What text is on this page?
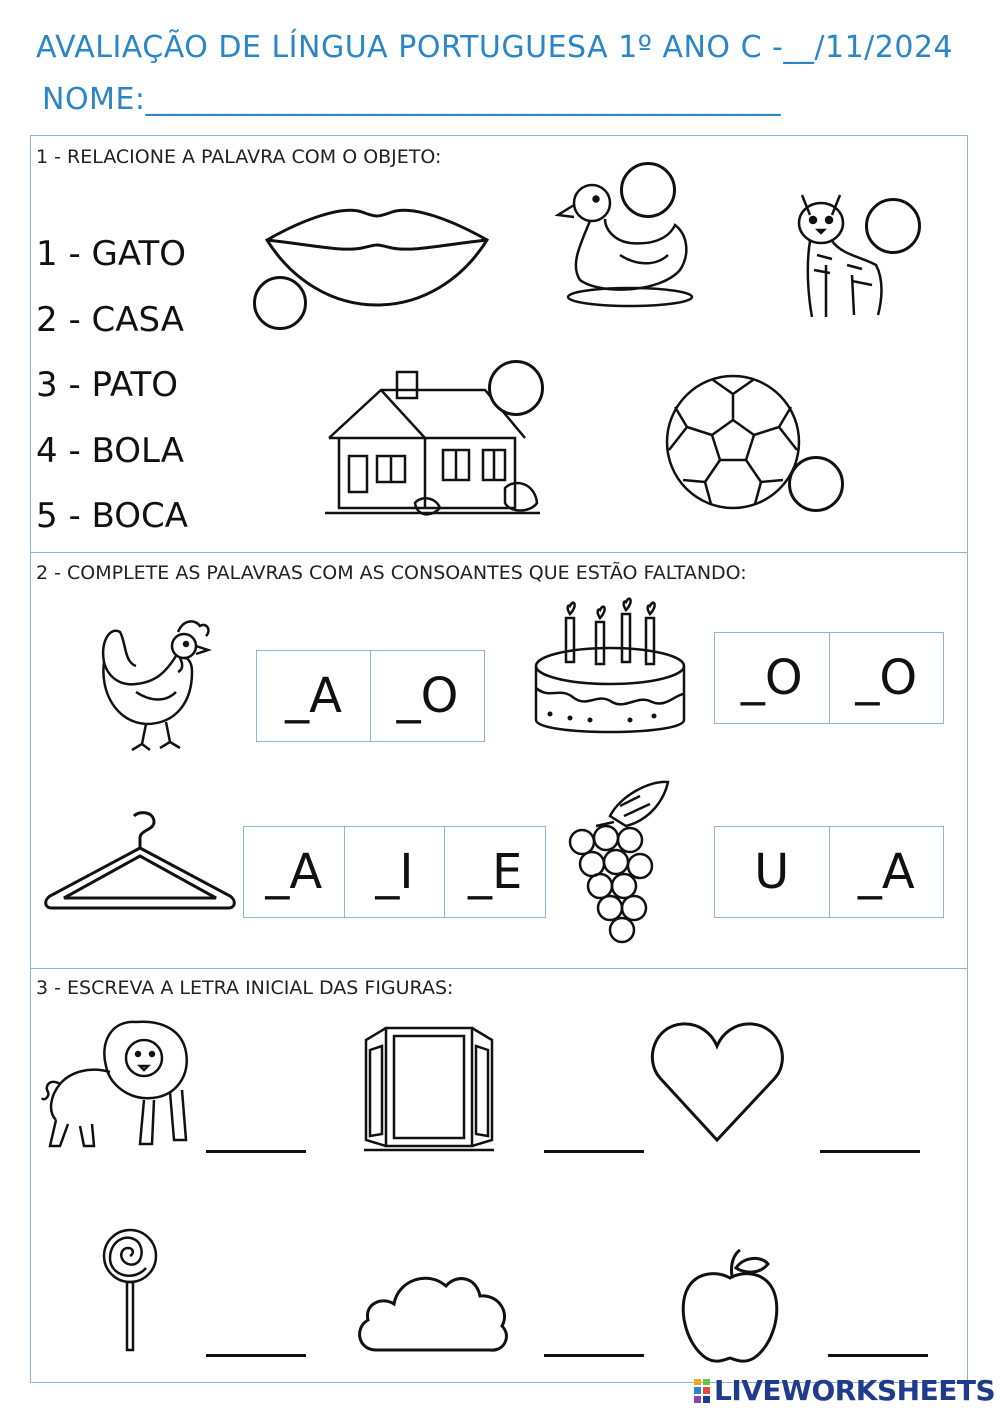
AVALIAÇÃO DE LÍNGUA PORTUGUESA 1º ANO C -__/11/2024
NOME:_________________________________________
1 - RELACIONE A PALAVRA COM O OBJETO:
1 - GATO
2 - CASA
3 - PATO
4 - BOLA
5 - BOCA
2 - COMPLETE AS PALAVRAS COM AS CONSOANTES QUE ESTÃO FALTANDO:
_A	_O	_O	_O
_A	_I	_E	U	_A
3 - ESCREVA A LETRA INICIAL DAS FIGURAS:
LIVEWORKSHEETS
